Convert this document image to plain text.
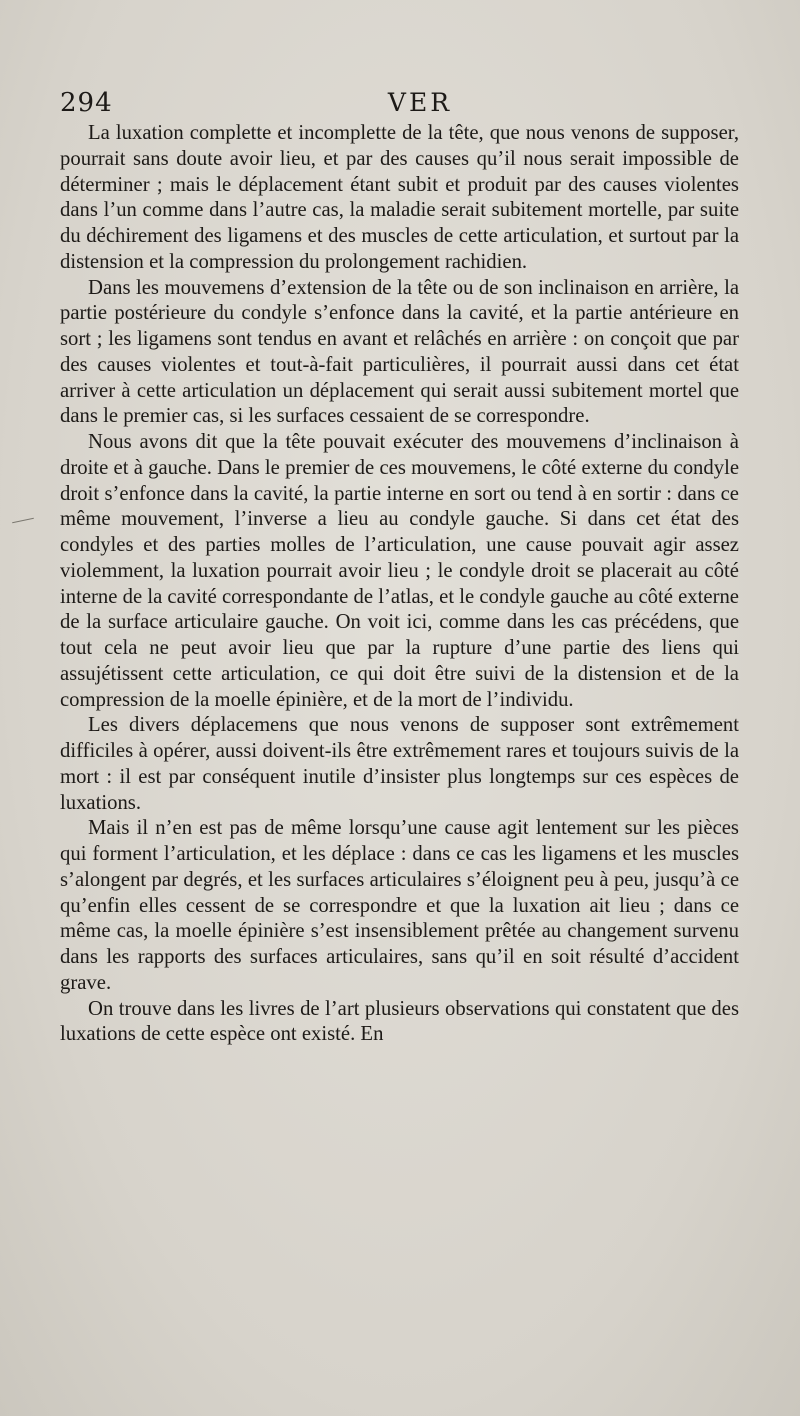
294	VER

La luxation complette et incomplette de la tête, que nous venons de supposer, pourrait sans doute avoir lieu, et par des causes qu’il nous serait impossible de déterminer ; mais le déplacement étant subit et produit par des causes violentes dans l’un comme dans l’autre cas, la maladie serait subitement mortelle, par suite du déchirement des ligamens et des muscles de cette articulation, et surtout par la distension et la compression du prolongement rachidien.

Dans les mouvemens d’extension de la tête ou de son inclinaison en arrière, la partie postérieure du condyle s’enfonce dans la cavité, et la partie antérieure en sort ; les ligamens sont tendus en avant et relâchés en arrière : on conçoit que par des causes violentes et tout-à-fait particulières, il pourrait aussi dans cet état arriver à cette articulation un déplacement qui serait aussi subitement mortel que dans le premier cas, si les surfaces cessaient de se correspondre.

Nous avons dit que la tête pouvait exécuter des mouvemens d’inclinaison à droite et à gauche. Dans le premier de ces mouvemens, le côté externe du condyle droit s’enfonce dans la cavité, la partie interne en sort ou tend à en sortir : dans ce même mouvement, l’inverse a lieu au condyle gauche. Si dans cet état des condyles et des parties molles de l’articulation, une cause pouvait agir assez violemment, la luxation pourrait avoir lieu ; le condyle droit se placerait au côté interne de la cavité correspondante de l’atlas, et le condyle gauche au côté externe de la surface articulaire gauche. On voit ici, comme dans les cas précédens, que tout cela ne peut avoir lieu que par la rupture d’une partie des liens qui assujétissent cette articulation, ce qui doit être suivi de la distension et de la compression de la moelle épinière, et de la mort de l’individu.

Les divers déplacemens que nous venons de supposer sont extrêmement difficiles à opérer, aussi doivent-ils être extrêmement rares et toujours suivis de la mort : il est par conséquent inutile d’insister plus longtemps sur ces espèces de luxations.

Mais il n’en est pas de même lorsqu’une cause agit lentement sur les pièces qui forment l’articulation, et les déplace : dans ce cas les ligamens et les muscles s’alongent par degrés, et les surfaces articulaires s’éloignent peu à peu, jusqu’à ce qu’enfin elles cessent de se correspondre et que la luxation ait lieu ; dans ce même cas, la moelle épinière s’est insensiblement prêtée au changement survenu dans les rapports des surfaces articulaires, sans qu’il en soit résulté d’accident grave.

On trouve dans les livres de l’art plusieurs observations qui constatent que des luxations de cette espèce ont existé. En
